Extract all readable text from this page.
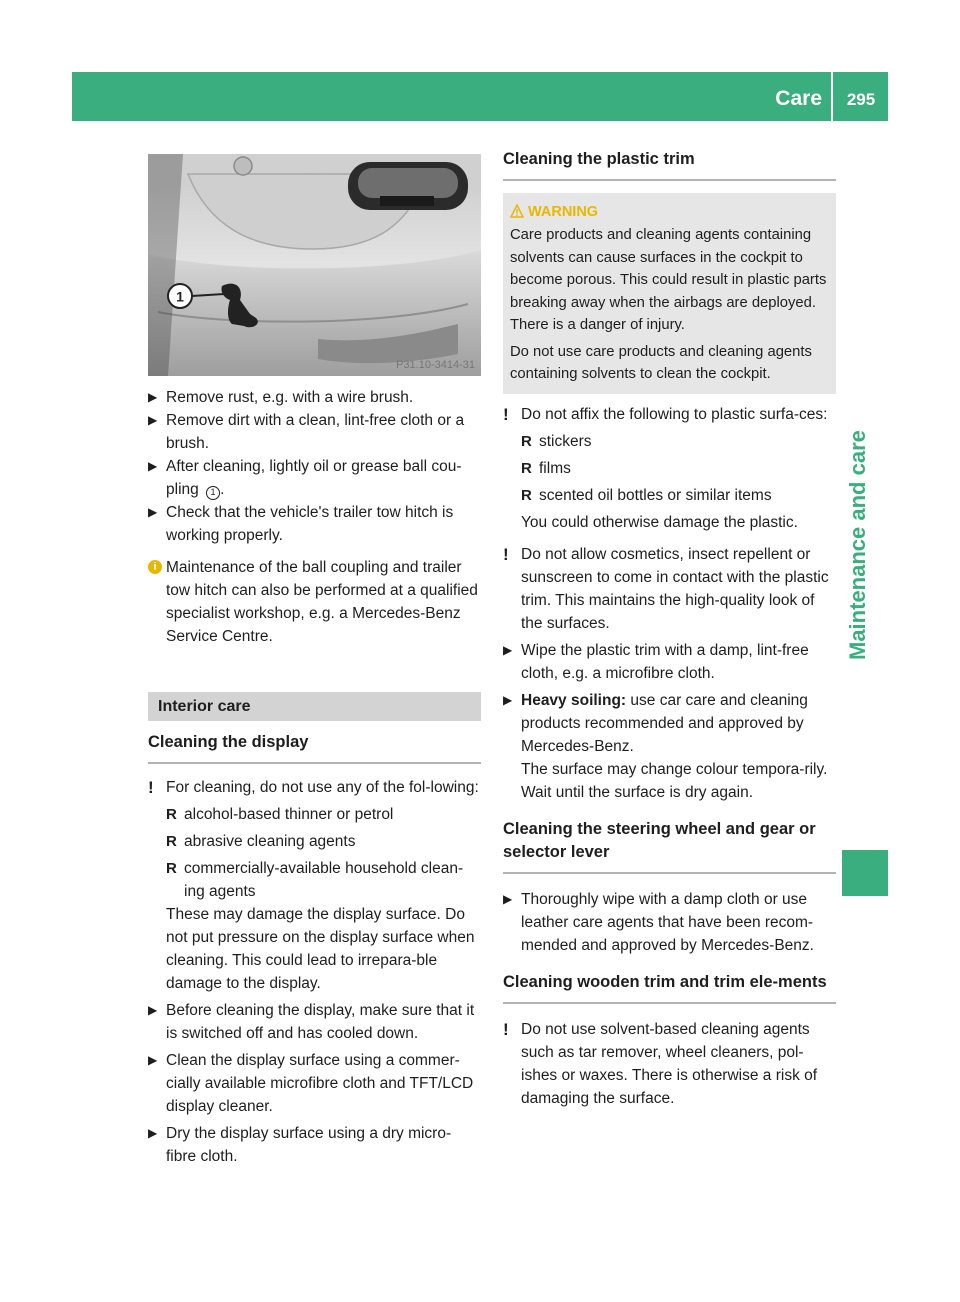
Care	295
Maintenance and care
1
P31.10-3414-31
▶ Remove rust, e.g. with a wire brush.
▶ Remove dirt with a clean, lint-free cloth or a brush.
▶ After cleaning, lightly oil or grease ball cou-pling 1 .
▶ Check that the vehicle's trailer tow hitch is working properly.
i Maintenance of the ball coupling and trailer tow hitch can also be performed at a qualified specialist workshop, e.g. a Mercedes-Benz Service Centre.
Interior care
Cleaning the display
! For cleaning, do not use any of the fol-lowing:
R alcohol-based thinner or petrol
R abrasive cleaning agents
R commercially-available household clean-ing agents
These may damage the display surface. Do not put pressure on the display surface when cleaning. This could lead to irrepara-ble damage to the display.
▶ Before cleaning the display, make sure that it is switched off and has cooled down.
▶ Clean the display surface using a commer-cially available microfibre cloth and TFT/LCD display cleaner.
▶ Dry the display surface using a dry micro-fibre cloth.
Cleaning the plastic trim
WARNING
Care products and cleaning agents containing solvents can cause surfaces in the cockpit to become porous. This could result in plastic parts breaking away when the airbags are deployed. There is a danger of injury.
Do not use care products and cleaning agents containing solvents to clean the cockpit.
! Do not affix the following to plastic surfa-ces:
R stickers
R films
R scented oil bottles or similar items
You could otherwise damage the plastic.
! Do not allow cosmetics, insect repellent or sunscreen to come in contact with the plastic trim. This maintains the high-quality look of the surfaces.
▶ Wipe the plastic trim with a damp, lint-free cloth, e.g. a microfibre cloth.
▶ Heavy soiling: use car care and cleaning products recommended and approved by Mercedes-Benz.
The surface may change colour tempora-rily. Wait until the surface is dry again.
Cleaning the steering wheel and gear or selector lever
▶ Thoroughly wipe with a damp cloth or use leather care agents that have been recom-mended and approved by Mercedes-Benz.
Cleaning wooden trim and trim ele-ments
! Do not use solvent-based cleaning agents such as tar remover, wheel cleaners, pol-ishes or waxes. There is otherwise a risk of damaging the surface.
